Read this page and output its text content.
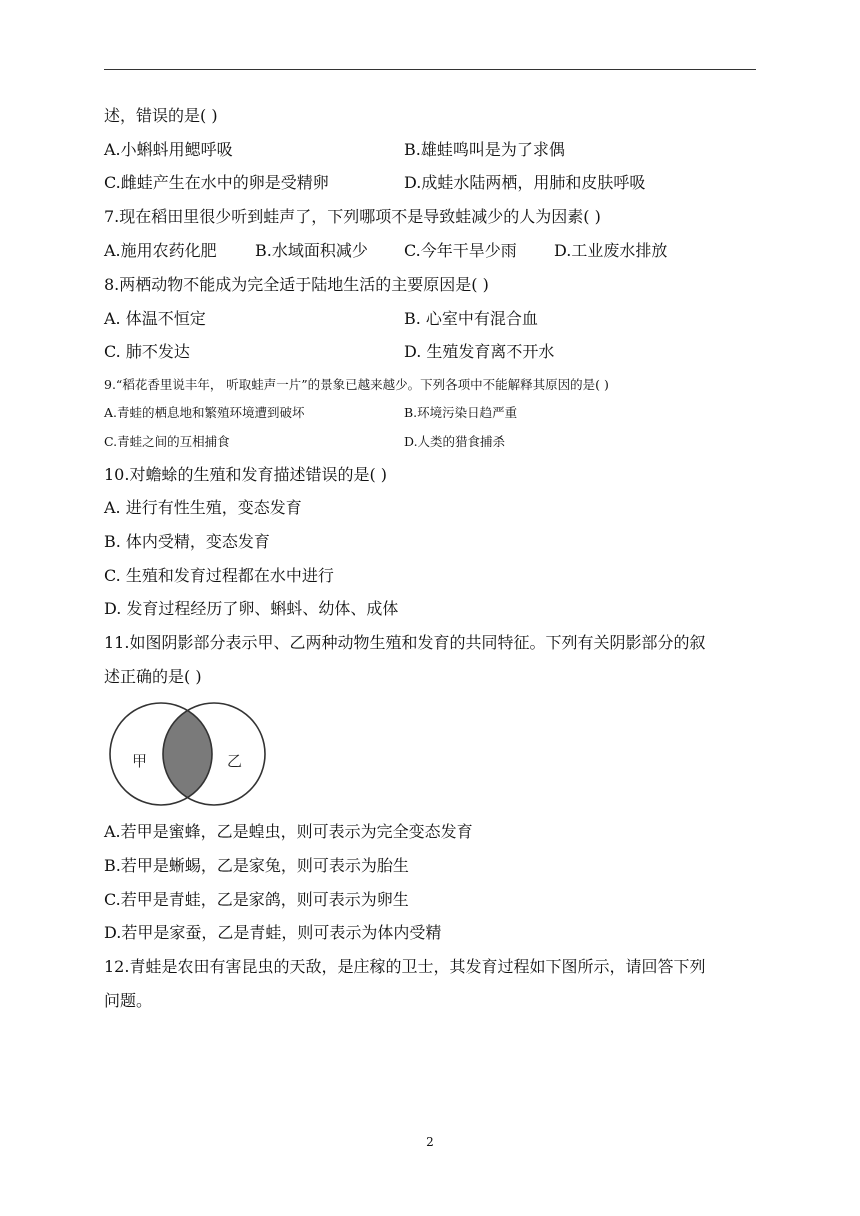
述，错误的是( )
A.小蝌蚪用鳃呼吸	B.雄蛙鸣叫是为了求偶
C.雌蛙产生在水中的卵是受精卵	D.成蛙水陆两栖，用肺和皮肤呼吸
7.现在稻田里很少听到蛙声了，下列哪项不是导致蛙减少的人为因素( )
A.施用农药化肥 B.水域面积减少 C.今年干旱少雨 D.工业废水排放
8.两栖动物不能成为完全适于陆地生活的主要原因是( )
A. 体温不恒定	B. 心室中有混合血
C. 肺不发达	D. 生殖发育离不开水
9.“稻花香里说丰年， 听取蛙声一片”的景象已越来越少。下列各项中不能解释其原因的是( )
A.青蛙的栖息地和繁殖环境遭到破坏	B.环境污染日趋严重
C.青蛙之间的互相捕食	D.人类的猎食捕杀
10.对蟾蜍的生殖和发育描述错误的是( )
A. 进行有性生殖，变态发育
B. 体内受精，变态发育
C. 生殖和发育过程都在水中进行
D. 发育过程经历了卵、蝌蚪、幼体、成体
11.如图阴影部分表示甲、乙两种动物生殖和发育的共同特征。下列有关阴影部分的叙
述正确的是( )
甲	乙
A.若甲是蜜蜂，乙是蝗虫，则可表示为完全变态发育
B.若甲是蜥蜴，乙是家兔，则可表示为胎生
C.若甲是青蛙，乙是家鸽，则可表示为卵生
D.若甲是家蚕，乙是青蛙，则可表示为体内受精
12.青蛙是农田有害昆虫的天敌，是庄稼的卫士，其发育过程如下图所示，请回答下列
问题。
2
